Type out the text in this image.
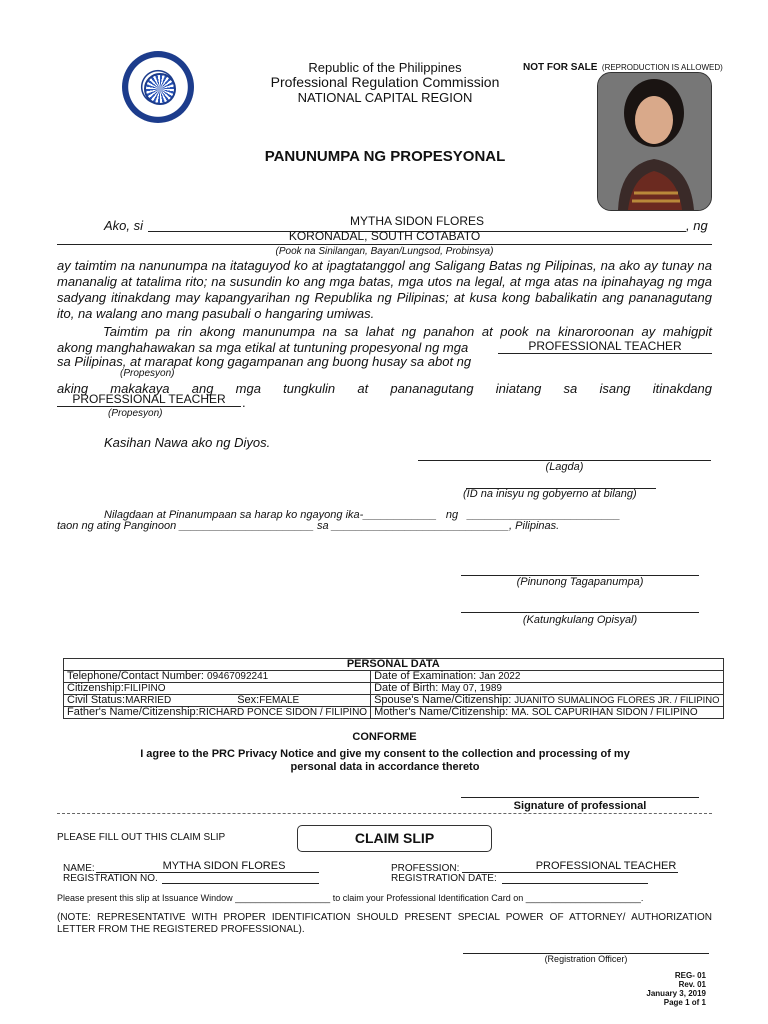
Republic of the Philippines
Professional Regulation Commission
NATIONAL CAPITAL REGION
NOT FOR SALE (REPRODUCTION IS ALLOWED)
PANUNUMPA NG PROPESYONAL
Ako, si	MYTHA SIDON FLORES	, ng
KORONADAL, SOUTH COTABATO
(Pook na Sinilangan, Bayan/Lungsod, Probinsya)
ay taimtim na nanunumpa na itataguyod ko at ipagtatanggol ang Saligang Batas ng Pilipinas, na ako ay tunay na mananalig at tatalima rito; na susundin ko ang mga batas, mga utos na legal, at mga atas na ipinahayag ng mga sadyang itinakdang may kapangyarihan ng Republika ng Pilipinas; at kusa kong babalikatin ang pananagutang ito, na walang ano mang pasubali o hangaring umiwas.
Taimtim pa rin akong manunumpa na sa lahat ng panahon at pook na kinaroroonan ay mahigpit
akong manghahawakan sa mga etikal at tuntuning propesyonal ng mga	PROFESSIONAL TEACHER
sa Pilipinas, at marapat kong gagampanan ang buong husay sa abot ng
(Propesyon)
aking makakaya ang mga tungkulin at pananagutang iniatang sa isang itinakdang
PROFESSIONAL TEACHER	.
(Propesyon)
Kasihan Nawa ako ng Diyos.
(Lagda)
(ID na inisyu ng gobyerno at bilang)
Nilagdaan at Pinanumpaan sa harap ko ngayong ika-____________   ng   _________________________
taon ng ating Panginoon ______________________ sa _____________________________, Pilipinas.
(Pinunong Tagapanumpa)
(Katungkulang Opisyal)
PERSONAL DATA	
Telephone/Contact Number: 09467092241	Date of Examination: Jan 2022
Citizenship:FILIPINO	Date of Birth: May 07, 1989
Civil Status:MARRIED Sex:FEMALE	Spouse's Name/Citizenship: JUANITO SUMALINOG FLORES JR. / FILIPINO
Father's Name/Citizenship:RICHARD PONCE SIDON / FILIPINO	Mother's Name/Citizenship: MA. SOL CAPURIHAN SIDON / FILIPINO
CONFORME
I agree to the PRC Privacy Notice and give my consent to the collection and processing of my personal data in accordance thereto
Signature of professional
PLEASE FILL OUT THIS CLAIM SLIP	CLAIM SLIP
NAME:	MYTHA SIDON FLORES
REGISTRATION NO.
PROFESSION:	PROFESSIONAL TEACHER
REGISTRATION DATE:
Please present this slip at Issuance Window ___________________ to claim your Professional Identification Card on _______________________.
(NOTE: REPRESENTATIVE WITH PROPER IDENTIFICATION SHOULD PRESENT SPECIAL POWER OF ATTORNEY/ AUTHORIZATION LETTER FROM THE REGISTERED PROFESSIONAL).
(Registration Officer)
REG- 01
Rev. 01
January 3, 2019
Page 1 of 1
